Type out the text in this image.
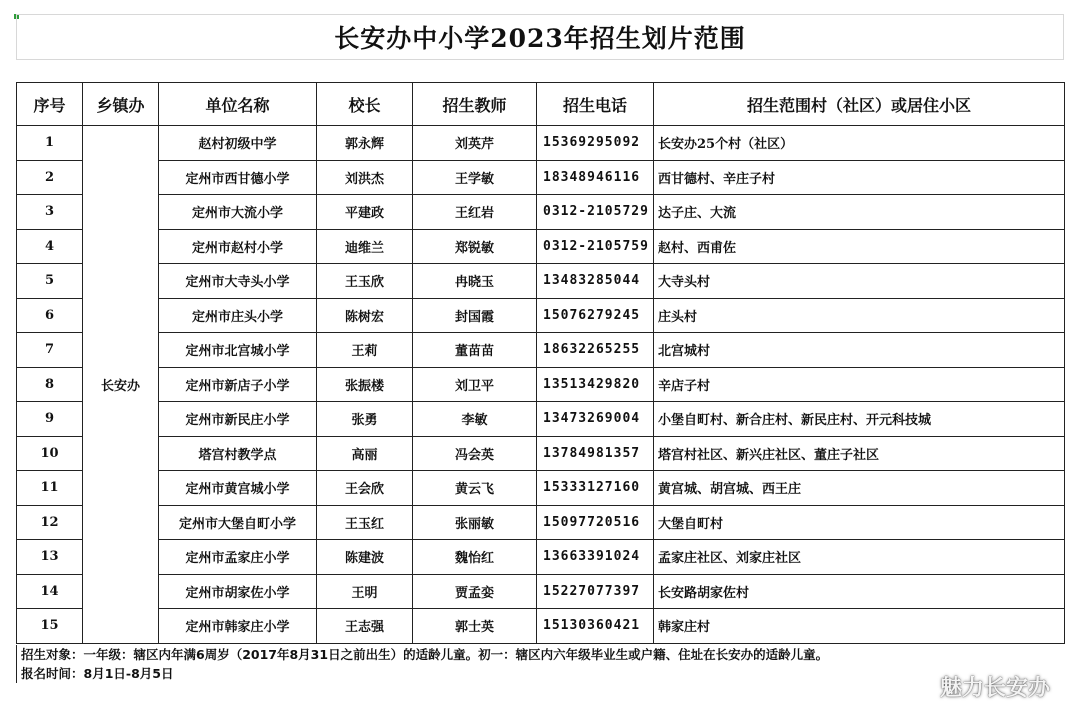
长安办中小学2023年招生划片范围
序号	乡镇办	单位名称	校长	招生教师	招生电话	招生范围村（社区）或居住小区
1	长安办	赵村初级中学	郭永辉	刘英芹	15369295092	长安办25个村（社区）
2		定州市西甘德小学	刘洪杰	王学敏	18348946116	西甘德村、辛庄子村
3		定州市大流小学	平建政	王红岩	0312-2105729	达子庄、大流
4		定州市赵村小学	迪维兰	郑锐敏	0312-2105759	赵村、西甫佐
5		定州市大寺头小学	王玉欣	冉晓玉	13483285044	大寺头村
6		定州市庄头小学	陈树宏	封国霞	15076279245	庄头村
7		定州市北宫城小学	王莉	董苗苗	18632265255	北宫城村
8		定州市新店子小学	张振楼	刘卫平	13513429820	辛店子村
9		定州市新民庄小学	张勇	李敏	13473269004	小堡自町村、新合庄村、新民庄村、开元科技城
10		塔宫村教学点	高丽	冯会英	13784981357	塔宫村社区、新兴庄社区、董庄子社区
11		定州市黄宫城小学	王会欣	黄云飞	15333127160	黄宫城、胡宫城、西王庄
12		定州市大堡自町小学	王玉红	张丽敏	15097720516	大堡自町村
13		定州市孟家庄小学	陈建波	魏怡红	13663391024	孟家庄社区、刘家庄社区
14		定州市胡家佐小学	王明	贾孟娈	15227077397	长安路胡家佐村
15		定州市韩家庄小学	王志强	郭士英	15130360421	韩家庄村
招生对象：一年级：辖区内年满6周岁（2017年8月31日之前出生）的适龄儿童。初一：辖区内六年级毕业生或户籍、住址在长安办的适龄儿童。
报名时间：8月1日-8月5日
魅力长安办
